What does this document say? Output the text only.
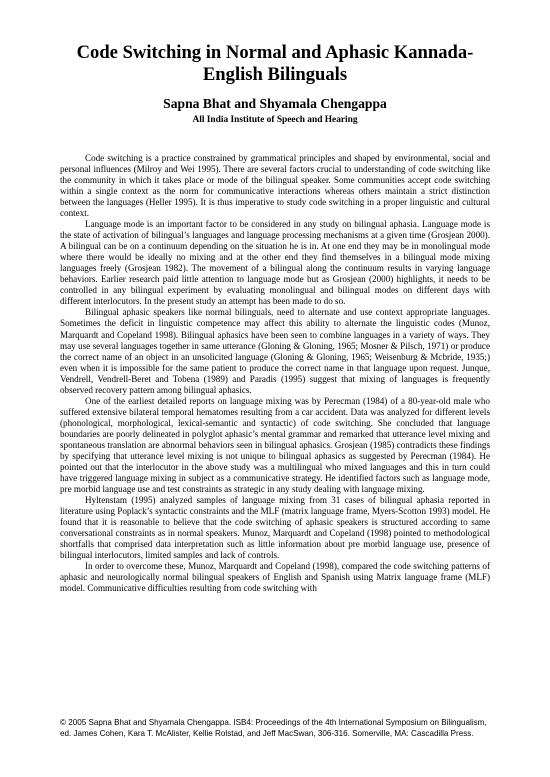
Code Switching in Normal and Aphasic Kannada-English Bilinguals
Sapna Bhat and Shyamala Chengappa
All India Institute of Speech and Hearing

Code switching is a practice constrained by grammatical principles and shaped by environmental, social and personal influences (Milroy and Wei 1995). There are several factors crucial to understanding of code switching like the community in which it takes place or mode of the bilingual speaker. Some communities accept code switching within a single context as the norm for communicative interactions whereas others maintain a strict distinction between the languages (Heller 1995). It is thus imperative to study code switching in a proper linguistic and cultural context.

Language mode is an important factor to be considered in any study on bilingual aphasia. Language mode is the state of activation of bilingual’s languages and language processing mechanisms at a given time (Grosjean 2000). A bilingual can be on a continuum depending on the situation he is in. At one end they may be in monolingual mode where there would be ideally no mixing and at the other end they find themselves in a bilingual mode mixing languages freely (Grosjean 1982). The movement of a bilingual along the continuum results in varying language behaviors. Earlier research paid little attention to language mode but as Grosjean (2000) highlights, it needs to be controlled in any bilingual experiment by evaluating monolingual and bilingual modes on different days with different interlocutors. In the present study an attempt has been made to do so.

Bilingual aphasic speakers like normal bilinguals, need to alternate and use context appropriate languages. Sometimes the deficit in linguistic competence may affect this ability to alternate the linguistic codes (Munoz, Marquardt and Copeland 1998). Bilingual aphasics have been seen to combine languages in a variety of ways. They may use several languages together in same utterance (Gloning & Gloning, 1965; Mosner & Pilsch, 1971) or produce the correct name of an object in an unsolicited language (Gloning & Gloning, 1965; Weisenburg & Mcbride, 1935;) even when it is impossible for the same patient to produce the correct name in that language upon request. Junque, Vendrell, Vendrell-Beret and Tobena (1989) and Paradis (1995) suggest that mixing of languages is frequently observed recovery pattern among bilingual aphasics.

One of the earliest detailed reports on language mixing was by Perecman (1984) of a 80-year-old male who suffered extensive bilateral temporal hematomes resulting from a car accident. Data was analyzed for different levels (phonological, morphological, lexical-semantic and syntactic) of code switching. She concluded that language boundaries are poorly delineated in polyglot aphasic’s mental grammar and remarked that utterance level mixing and spontaneous translation are abnormal behaviors seen in bilingual aphasics. Grosjean (1985) contradicts these findings by specifying that utterance level mixing is not unique to bilingual aphasics as suggested by Perecman (1984). He pointed out that the interlocutor in the above study was a multilingual who mixed languages and this in turn could have triggered language mixing in subject as a communicative strategy. He identified factors such as language mode, pre morbid language use and test constraints as strategic in any study dealing with language mixing.

Hyltenstam (1995) analyzed samples of language mixing from 31 cases of bilingual aphasia reported in literature using Poplack’s syntactic constraints and the MLF (matrix language frame, Myers-Scotton 1993) model. He found that it is reasonable to believe that the code switching of aphasic speakers is structured according to same conversational constraints as in normal speakers. Munoz, Marquardt and Copeland (1998) pointed to methodological shortfalls that comprised data interpretation such as little information about pre morbid language use, presence of bilingual interlocutors, limited samples and lack of controls.

In order to overcome these, Munoz, Marquardt and Copeland (1998), compared the code switching patterns of aphasic and neurologically normal bilingual speakers of English and Spanish using Matrix language frame (MLF) model. Communicative difficulties resulting from code switching with

© 2005 Sapna Bhat and Shyamala Chengappa. ISB4: Proceedings of the 4th International Symposium on Bilingualism, ed. James Cohen, Kara T. McAlister, Kellie Rolstad, and Jeff MacSwan, 306-316. Somerville, MA: Cascadilla Press.
